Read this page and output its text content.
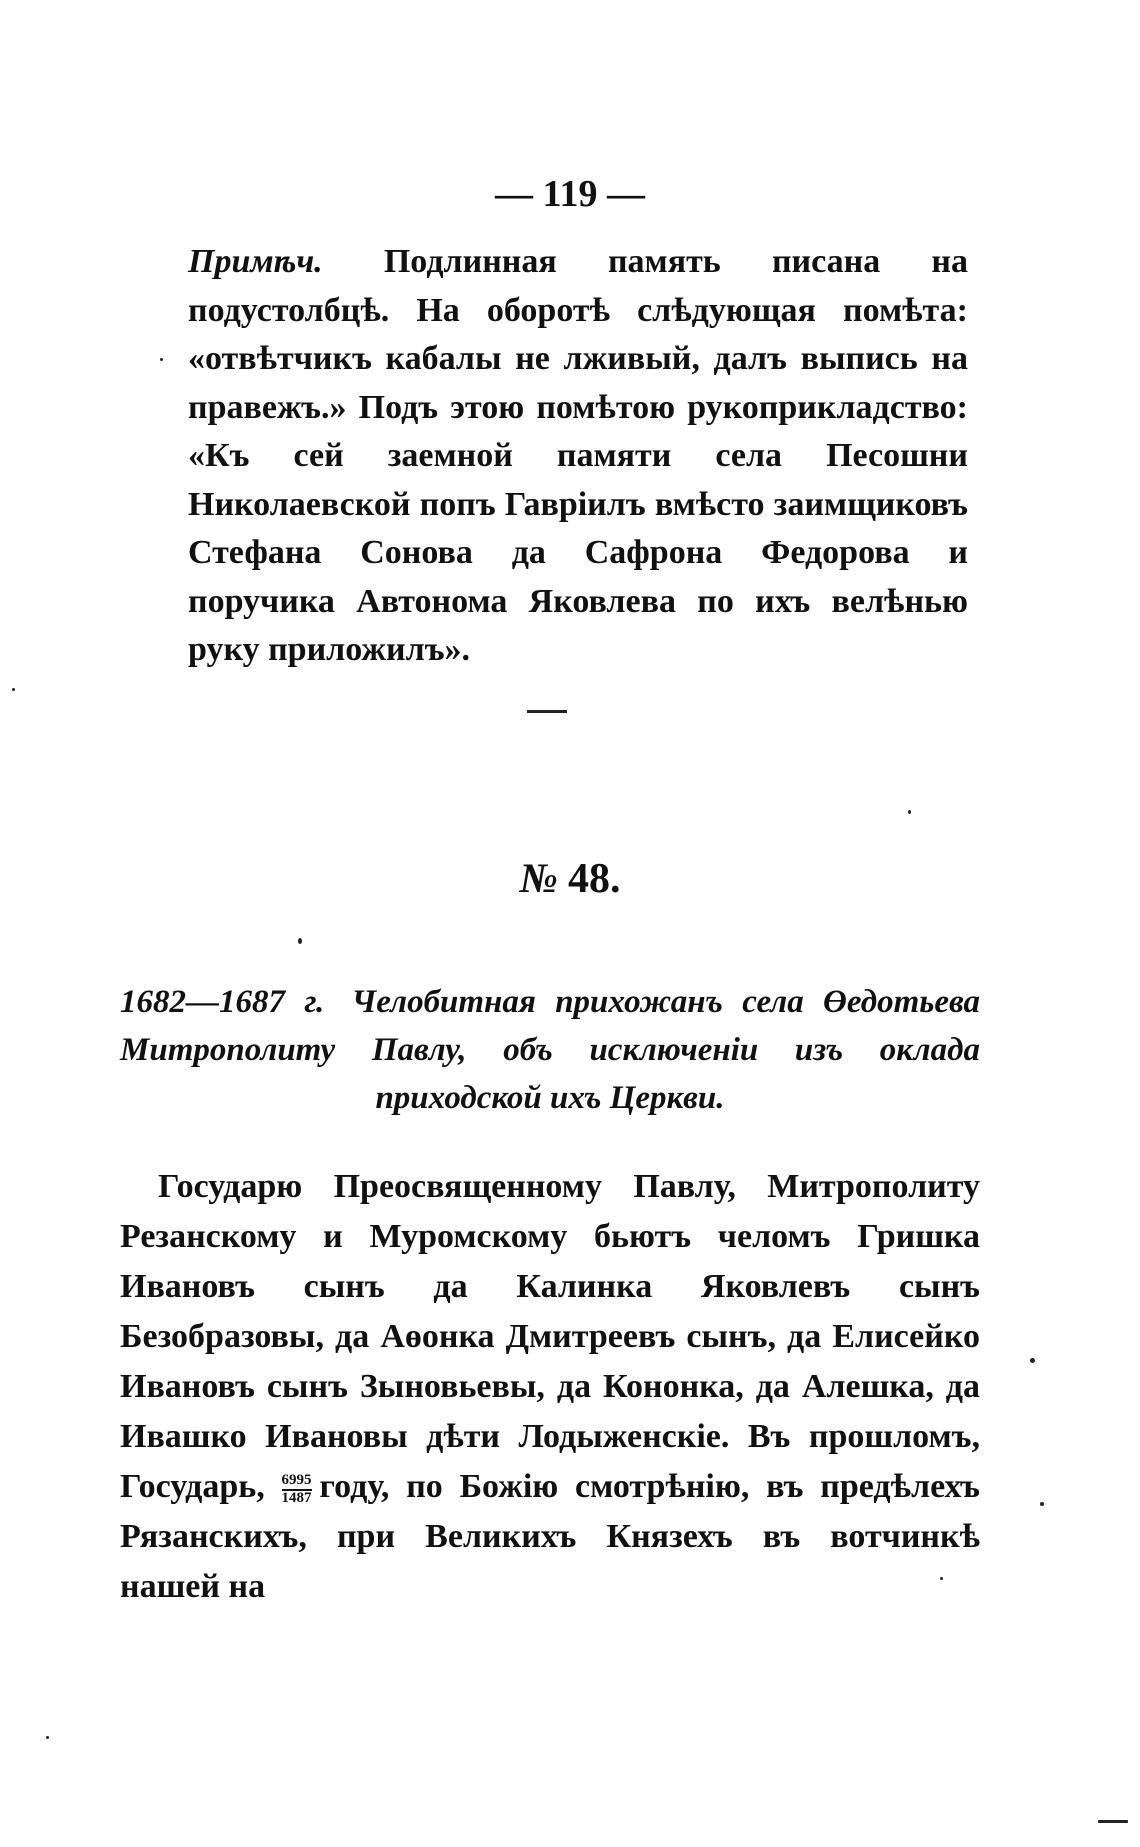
— 119 —
Примѣч. Подлинная память писана на подустолбцѣ. На оборотѣ слѣдующая помѣта: «отвѣтчикъ кабалы не лживый, далъ выпись на правежъ.» Подъ этою помѣтою рукоприкладство: «Къ сей заемной памяти села Песошни Николаевской попъ Гавріилъ вмѣсто заимщиковъ Стефана Сонова да Сафрона Федорова и поручика Автонома Яковлева по ихъ велѣнью руку приложилъ».
№ 48.
1682—1687 г. Челобитная прихожанъ села Өедотьева Митрополиту Павлу, объ исключеніи изъ оклада приходской ихъ Церкви.
Государю Преосвященному Павлу, Митрополиту Резанскому и Муромскому бьютъ челомъ Гришка Ивановъ сынъ да Калинка Яковлевъ сынъ Безобразовы, да Аөонка Дмитреевъ сынъ, да Елисейко Ивановъ сынъ Зыновьевы, да Кононка, да Алешка, да Ивашко Ивановы дѣти Лодыженскіе. Въ прошломъ, Государь, $\frac{6995}{1487}$ году, по Божію смотрѣнію, въ предѣлехъ Рязанскихъ, при Великихъ Князехъ въ вотчинкѣ нашей на
